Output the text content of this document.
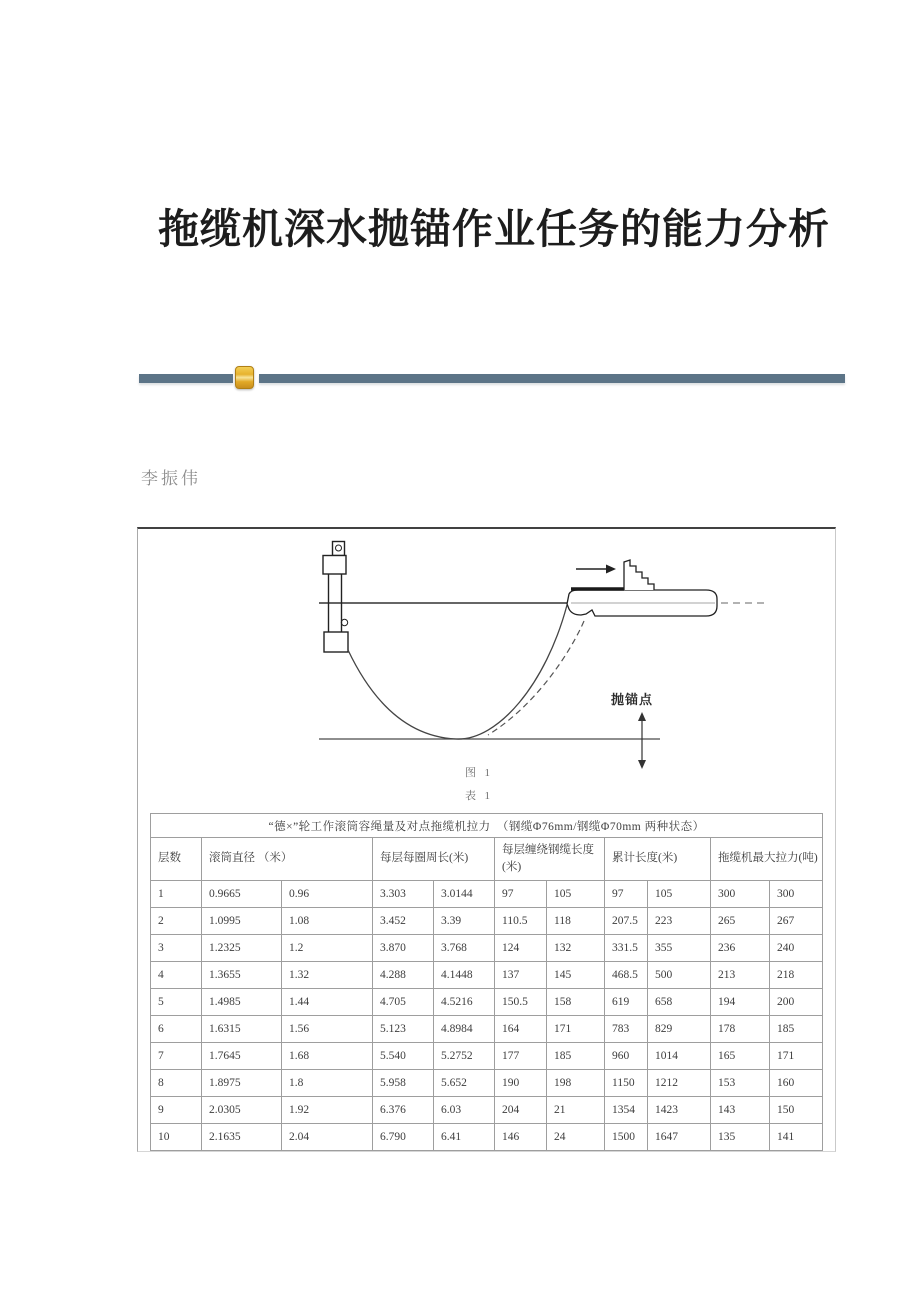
拖缆机深水抛锚作业任务的能力分析
李振伟
抛锚点
图  1
表  1
“德×”轮工作滚筒容绳量及对点拖缆机拉力　（钢缆Φ76mm/钢缆Φ70mm 两种状态）										
层数	滚筒直径 （米）		每层每圈周长(米)		每层缠绕钢缆长度 (米)		累计长度(米)		拖缆机最大拉力(吨)	
1	0.9665	0.96	3.303	3.0144	97	105	97	105	300	300
2	1.0995	1.08	3.452	3.39	110.5	118	207.5	223	265	267
3	1.2325	1.2	3.870	3.768	124	132	331.5	355	236	240
4	1.3655	1.32	4.288	4.1448	137	145	468.5	500	213	218
5	1.4985	1.44	4.705	4.5216	150.5	158	619	658	194	200
6	1.6315	1.56	5.123	4.8984	164	171	783	829	178	185
7	1.7645	1.68	5.540	5.2752	177	185	960	1014	165	171
8	1.8975	1.8	5.958	5.652	190	198	1150	1212	153	160
9	2.0305	1.92	6.376	6.03	204	21	1354	1423	143	150
10	2.1635	2.04	6.790	6.41	146	24	1500	1647	135	141
